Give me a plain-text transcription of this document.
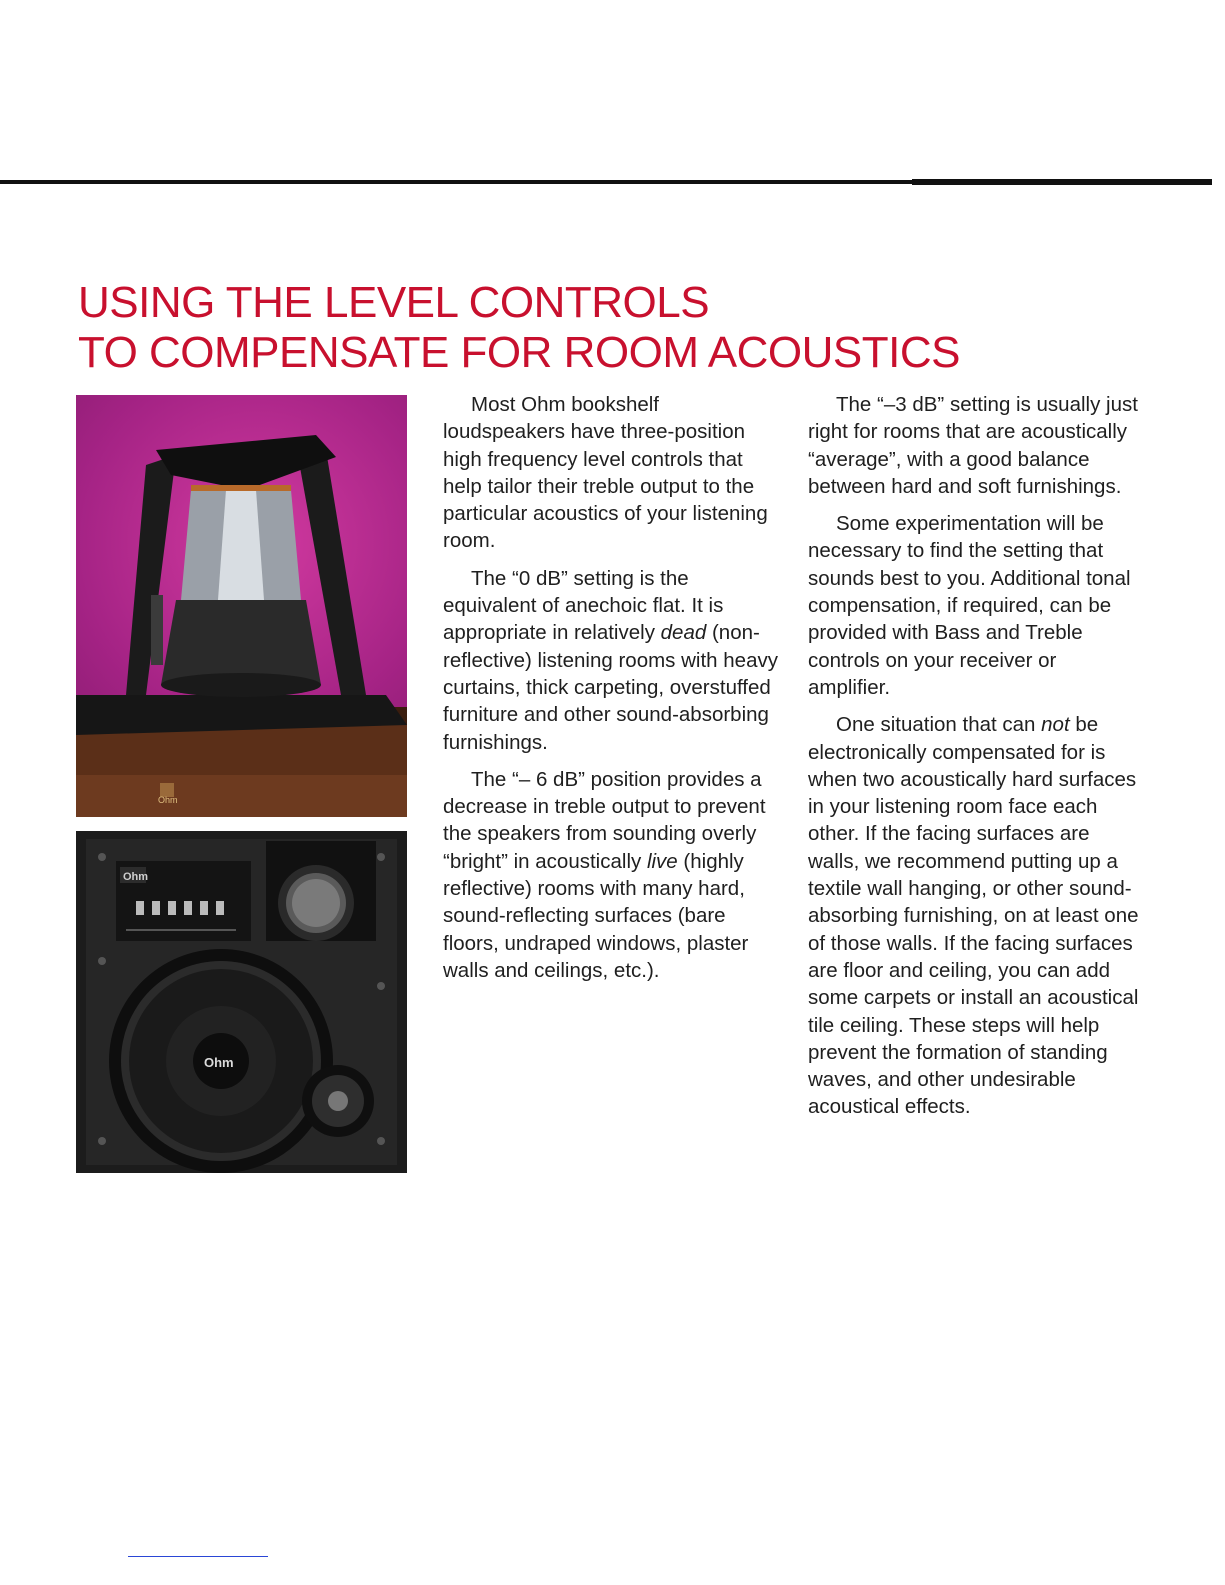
USING THE LEVEL CONTROLS
TO COMPENSATE FOR ROOM ACOUSTICS
Ohm
Ohm
Ohm

Most Ohm bookshelf loudspeakers have three-position high frequency level controls that help tailor their treble output to the particular acoustics of your listening room.

The “0 dB” setting is the equivalent of anechoic flat. It is appropriate in relatively dead (non-reflective) listening rooms with heavy curtains, thick carpeting, overstuffed furniture and other sound-absorbing furnishings.

The “– 6 dB” position provides a decrease in treble output to prevent the speakers from sounding overly “bright” in acoustically live (highly reflective) rooms with many hard, sound-reflecting surfaces (bare floors, undraped windows, plaster walls and ceilings, etc.).

The “–3 dB” setting is usually just right for rooms that are acoustically “average”, with a good balance between hard and soft furnishings.

Some experimentation will be necessary to find the setting that sounds best to you. Additional tonal compensation, if required, can be provided with Bass and Treble controls on your receiver or amplifier.

One situation that can not be electronically compensated for is when two acoustically hard surfaces in your listening room face each other. If the facing surfaces are walls, we recommend putting up a textile wall hanging, or other sound-absorbing furnishing, on at least one of those walls. If the facing surfaces are floor and ceiling, you can add some carpets or install an acoustical tile ceiling. These steps will help prevent the formation of standing waves, and other undesirable acoustical effects.
